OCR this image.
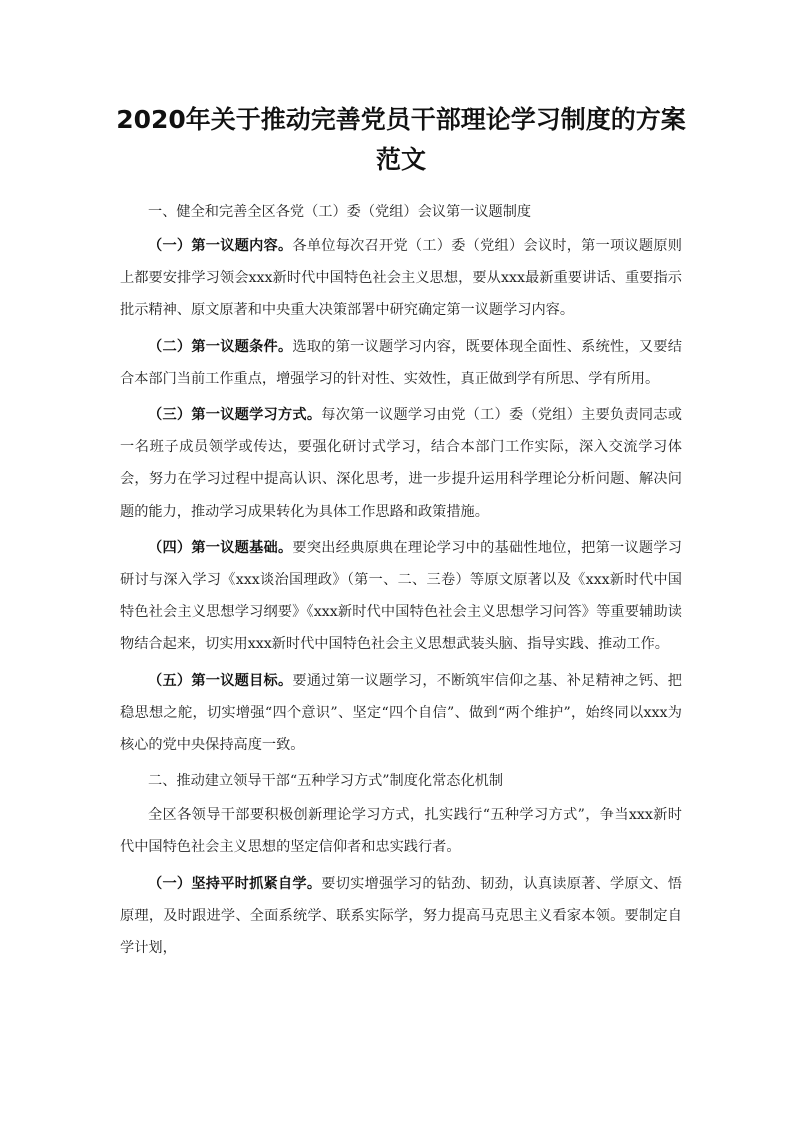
2020年关于推动完善党员干部理论学习制度的方案范文
一、健全和完善全区各党（工）委（党组）会议第一议题制度

（一）第一议题内容。各单位每次召开党（工）委（党组）会议时，第一项议题原则上都要安排学习领会xxx新时代中国特色社会主义思想，要从xxx最新重要讲话、重要指示批示精神、原文原著和中央重大决策部署中研究确定第一议题学习内容。

（二）第一议题条件。选取的第一议题学习内容，既要体现全面性、系统性，又要结合本部门当前工作重点，增强学习的针对性、实效性，真正做到学有所思、学有所用。

（三）第一议题学习方式。每次第一议题学习由党（工）委（党组）主要负责同志或一名班子成员领学或传达，要强化研讨式学习，结合本部门工作实际，深入交流学习体会，努力在学习过程中提高认识、深化思考，进一步提升运用科学理论分析问题、解决问题的能力，推动学习成果转化为具体工作思路和政策措施。

（四）第一议题基础。要突出经典原典在理论学习中的基础性地位，把第一议题学习研讨与深入学习《xxx谈治国理政》（第一、二、三卷）等原文原著以及《xxx新时代中国特色社会主义思想学习纲要》《xxx新时代中国特色社会主义思想学习问答》等重要辅助读物结合起来，切实用xxx新时代中国特色社会主义思想武装头脑、指导实践、推动工作。

（五）第一议题目标。要通过第一议题学习，不断筑牢信仰之基、补足精神之钙、把稳思想之舵，切实增强“四个意识”、坚定“四个自信”、做到“两个维护”，始终同以xxx为核心的党中央保持高度一致。

二、推动建立领导干部“五种学习方式”制度化常态化机制

全区各领导干部要积极创新理论学习方式，扎实践行“五种学习方式”，争当xxx新时代中国特色社会主义思想的坚定信仰者和忠实践行者。

（一）坚持平时抓紧自学。要切实增强学习的钻劲、韧劲，认真读原著、学原文、悟原理，及时跟进学、全面系统学、联系实际学，努力提高马克思主义看家本领。要制定自学计划，
